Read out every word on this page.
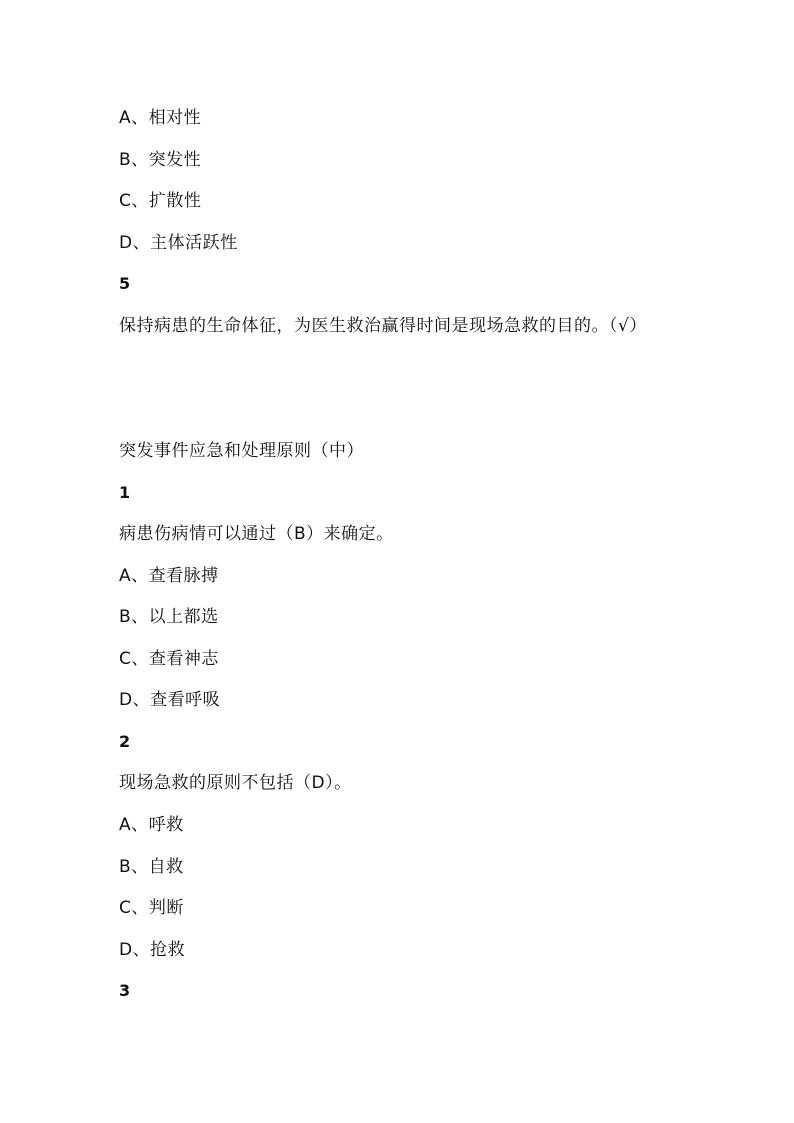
A、相对性
B、突发性
C、扩散性
D、主体活跃性
5
保持病患的生命体征，为医生救治赢得时间是现场急救的目的。（√）
突发事件应急和处理原则（中）
1
病患伤病情可以通过（B）来确定。
A、查看脉搏
B、以上都选
C、查看神志
D、查看呼吸
2
现场急救的原则不包括（D）。
A、呼救
B、自救
C、判断
D、抢救
3
